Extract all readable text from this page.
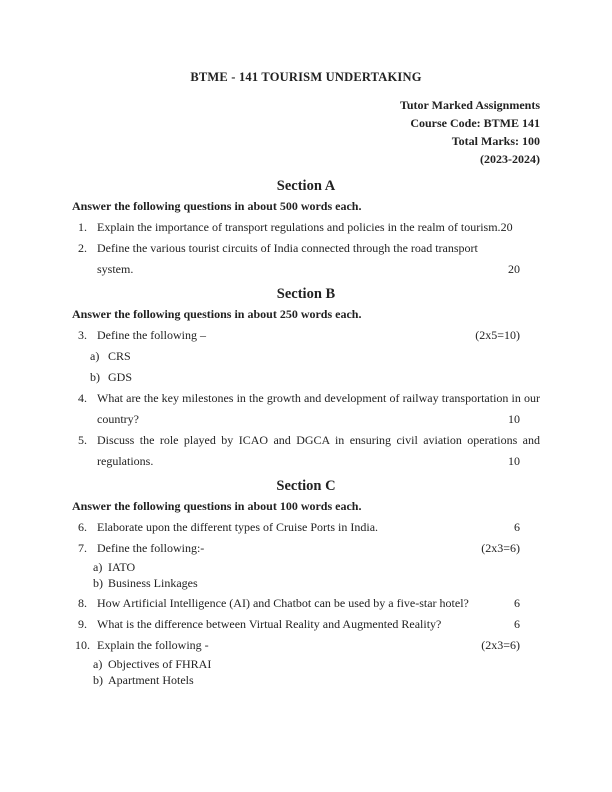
BTME - 141 TOURISM UNDERTAKING
Tutor Marked Assignments
Course Code: BTME 141
Total Marks: 100
(2023-2024)
Section A
Answer the following questions in about 500 words each.
1. Explain the importance of transport regulations and policies in the realm of tourism.20
2. Define the various tourist circuits of India connected through the road transport system.	20
Section B
Answer the following questions in about 250 words each.
3. Define the following –	(2x5=10)
a) CRS
b) GDS
4. What are the key milestones in the growth and development of railway transportation in our country?	10
5. Discuss the role played by ICAO and DGCA in ensuring civil aviation operations and regulations.	10
Section C
Answer the following questions in about 100 words each.
6. Elaborate upon the different types of Cruise Ports in India.	6
7. Define the following:-	(2x3=6)
a) IATO
b) Business Linkages
8. How Artificial Intelligence (AI) and Chatbot can be used by a five-star hotel?	6
9. What is the difference between Virtual Reality and Augmented Reality?	6
10. Explain the following -	(2x3=6)
a) Objectives of FHRAI
b) Apartment Hotels
